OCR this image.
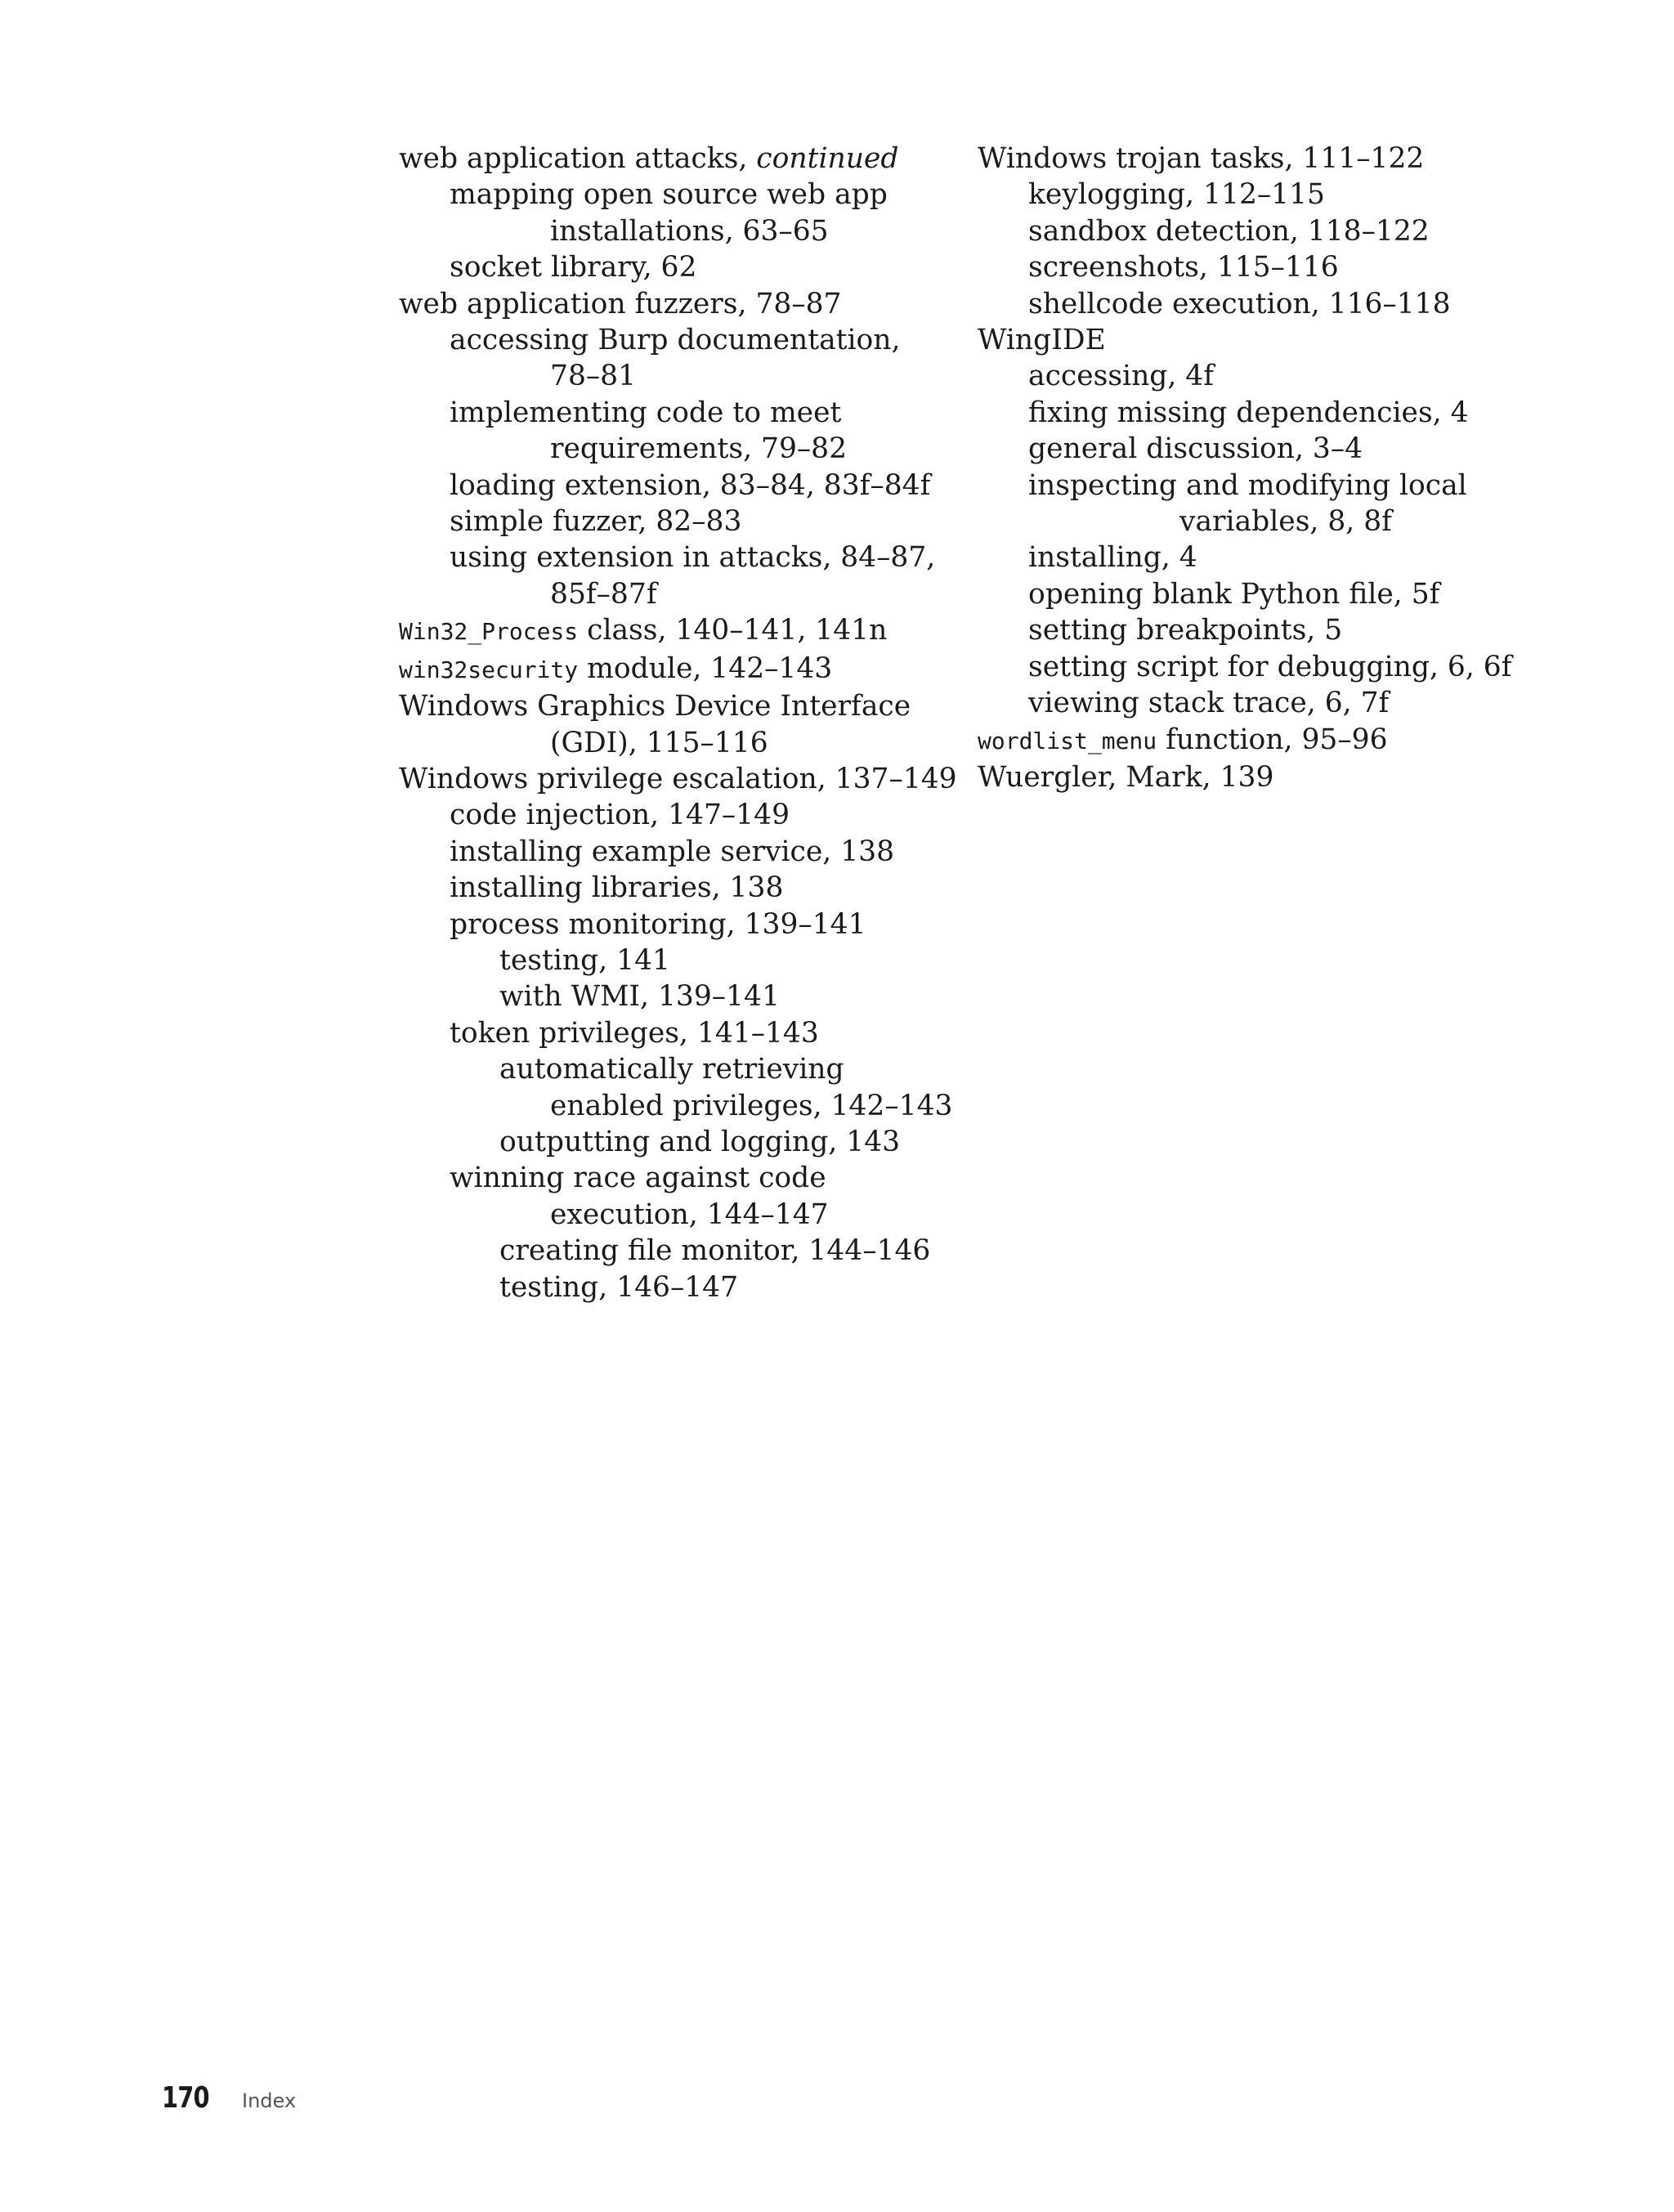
web application attacks, continued
mapping open source web app
installations, 63–65
socket library, 62
web application fuzzers, 78–87
accessing Burp documentation,
78–81
implementing code to meet
requirements, 79–82
loading extension, 83–84, 83f–84f
simple fuzzer, 82–83
using extension in attacks, 84–87,
85f–87f
Win32_Process class, 140–141, 141n
win32security module, 142–143
Windows Graphics Device Interface
(GDI), 115–116
Windows privilege escalation, 137–149
code injection, 147–149
installing example service, 138
installing libraries, 138
process monitoring, 139–141
testing, 141
with WMI, 139–141
token privileges, 141–143
automatically retrieving
enabled privileges, 142–143
outputting and logging, 143
winning race against code
execution, 144–147
creating file monitor, 144–146
testing, 146–147
Windows trojan tasks, 111–122
keylogging, 112–115
sandbox detection, 118–122
screenshots, 115–116
shellcode execution, 116–118
WingIDE
accessing, 4f
fixing missing dependencies, 4
general discussion, 3–4
inspecting and modifying local
variables, 8, 8f
installing, 4
opening blank Python file, 5f
setting breakpoints, 5
setting script for debugging, 6, 6f
viewing stack trace, 6, 7f
wordlist_menu function, 95–96
Wuergler, Mark, 139
170 Index
